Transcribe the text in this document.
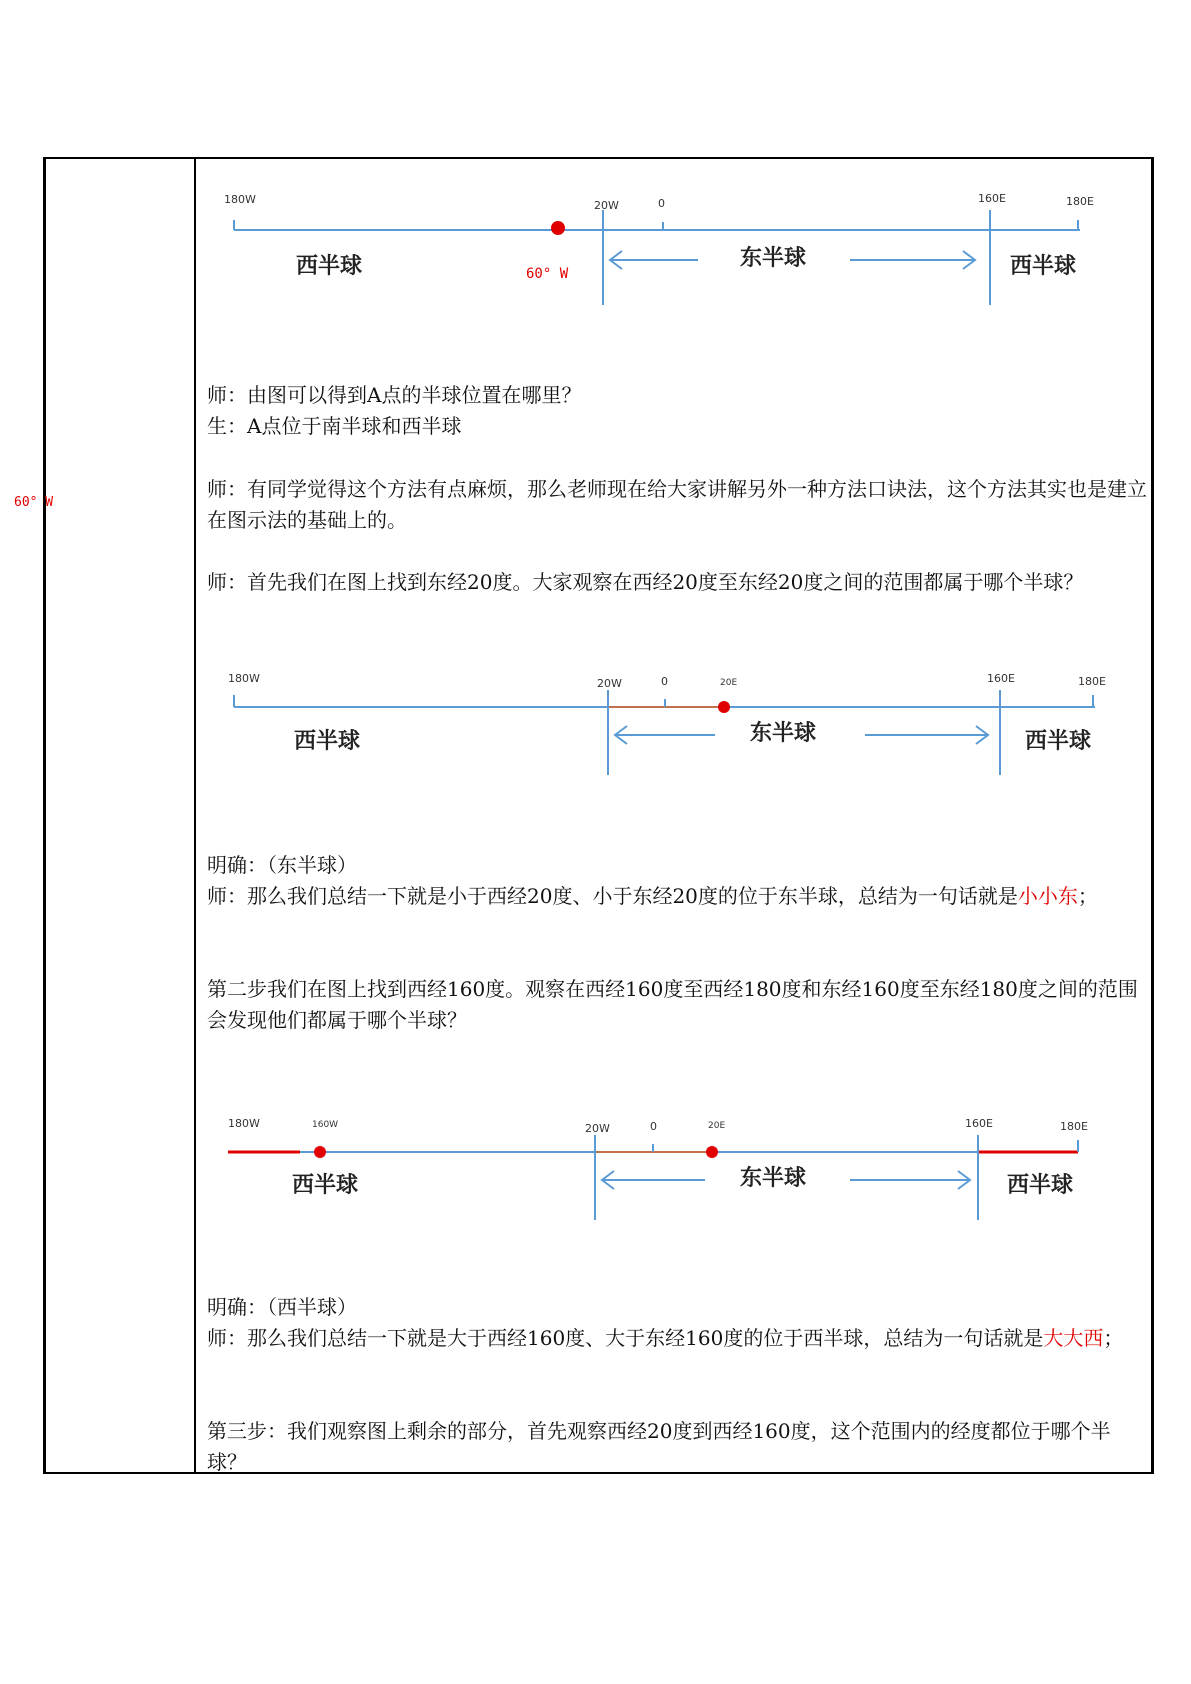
60° W
180W	20W	0	160E	180E
60° W
西半球	东半球	西半球
师：由图可以得到A点的半球位置在哪里？
生：A点位于南半球和西半球
师：有同学觉得这个方法有点麻烦，那么老师现在给大家讲解另外一种方法口诀法，这个方法其实也是建立在图示法的基础上的。
师：首先我们在图上找到东经20度。大家观察在西经20度至东经20度之间的范围都属于哪个半球？
180W	20W	0	20E	160E	180E
西半球	东半球	西半球
明确：（东半球）
师：那么我们总结一下就是小于西经20度、小于东经20度的位于东半球，总结为一句话就是小小东；
第二步我们在图上找到西经160度。观察在西经160度至西经180度和东经160度至东经180度之间的范围会发现他们都属于哪个半球？
180W	160W	20W	0	20E	160E	180E
西半球	东半球	西半球
明确：（西半球）
师：那么我们总结一下就是大于西经160度、大于东经160度的位于西半球，总结为一句话就是大大西；
第三步：我们观察图上剩余的部分，首先观察西经20度到西经160度，这个范围内的经度都位于哪个半球？
